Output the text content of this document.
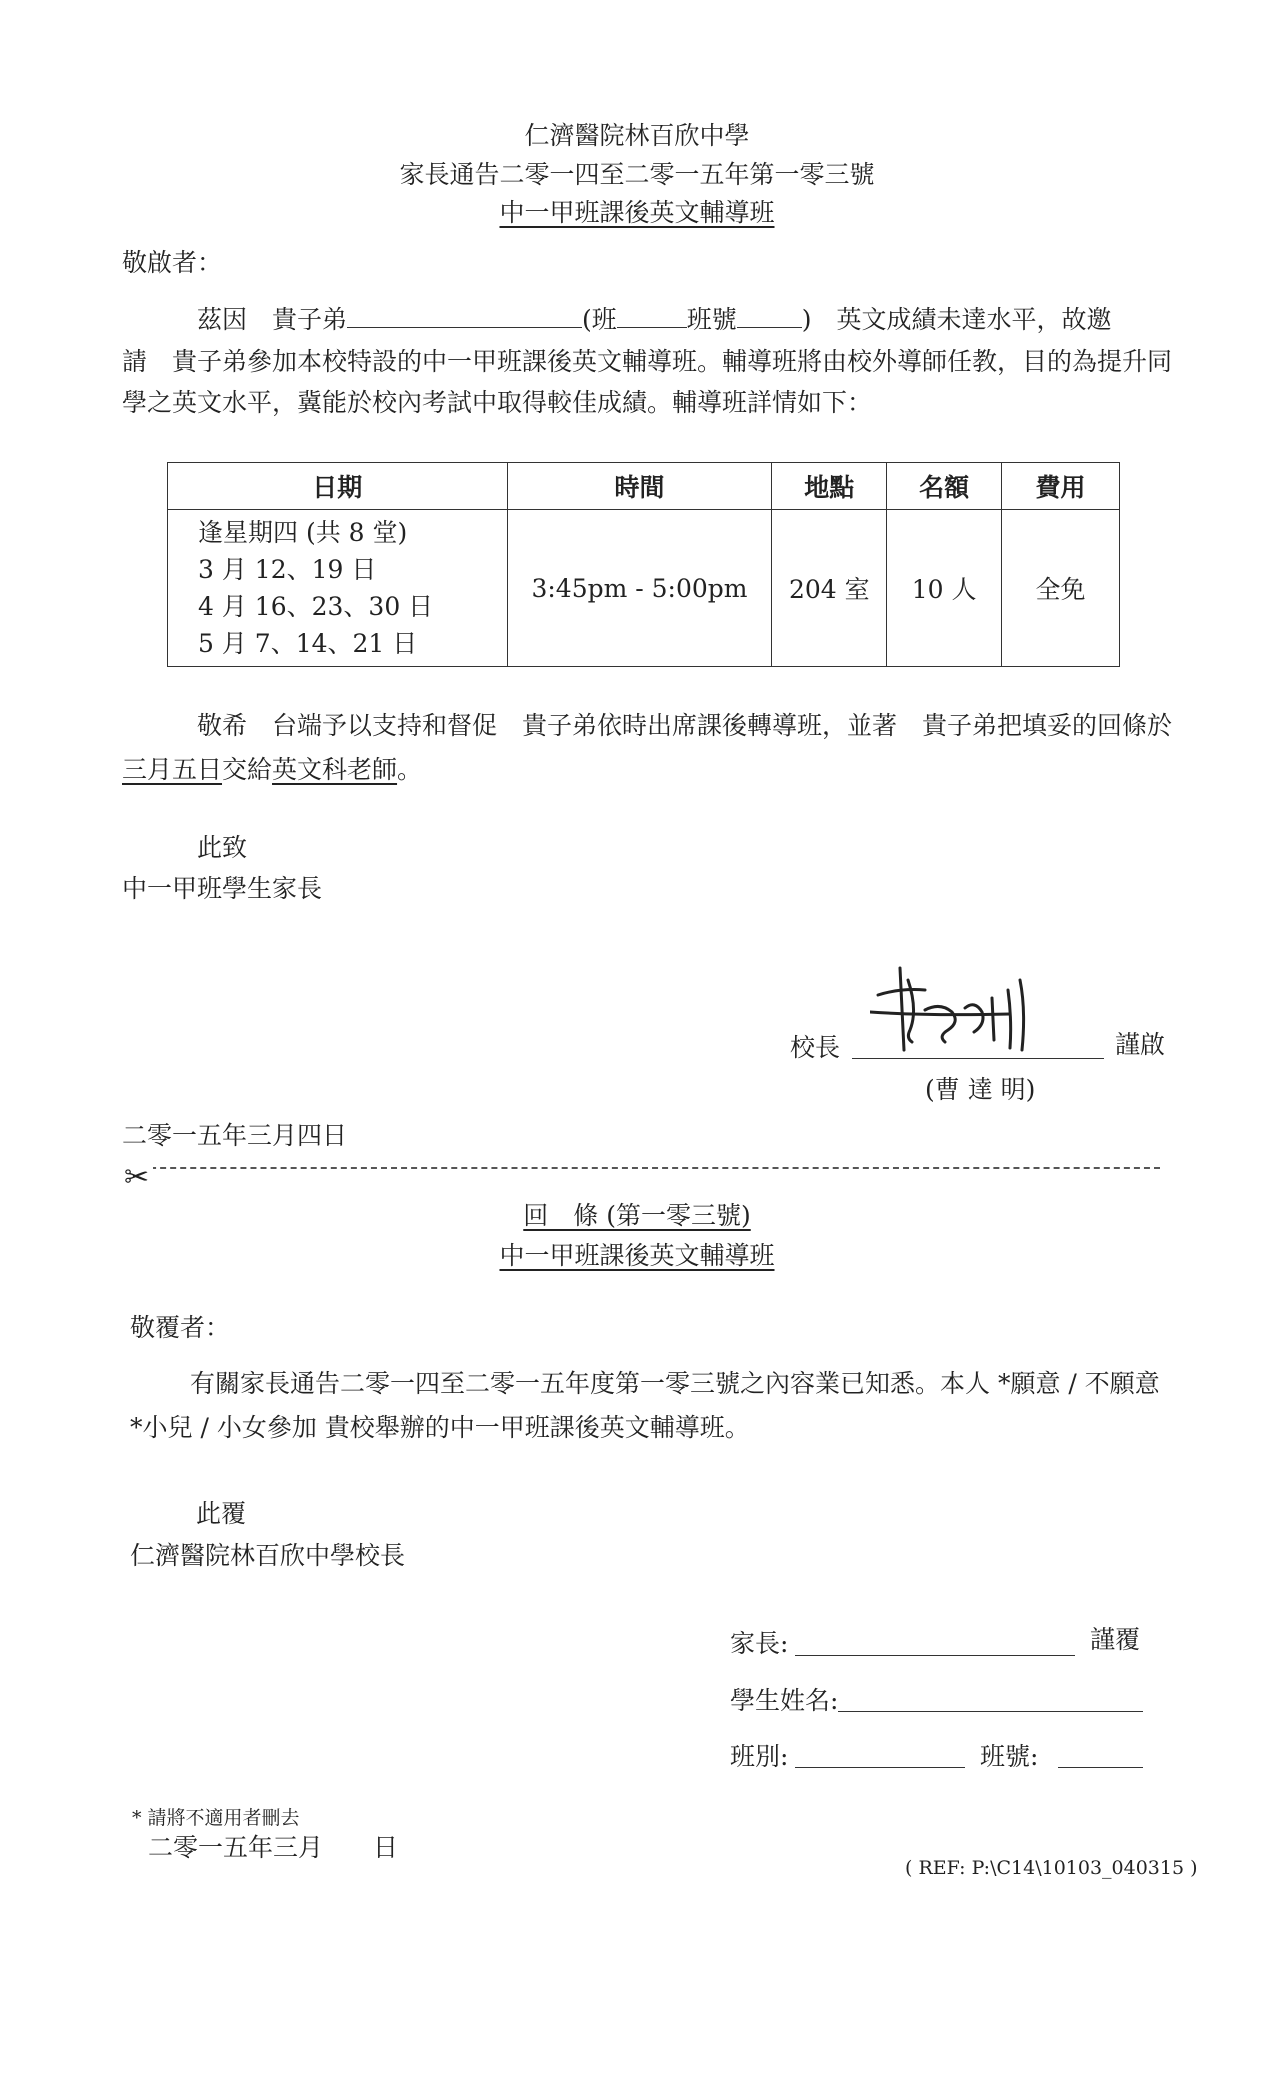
仁濟醫院林百欣中學
家長通告二零一四至二零一五年第一零三號
中一甲班課後英文輔導班
敬啟者：
茲因　貴子弟	(班	班號	)　英文成績未達水平，故邀
請　貴子弟參加本校特設的中一甲班課後英文輔導班。輔導班將由校外導師任教，目的為提升同
學之英文水平，冀能於校內考試中取得較佳成績。輔導班詳情如下：
日期	時間	地點	名額	費用

逢星期四 (共 8 堂)
3 月 12、19 日
4 月 16、23、30 日
5 月 7、14、21 日	3:45pm - 5:00pm	204 室	10 人	全免
敬希　台端予以支持和督促　貴子弟依時出席課後轉導班，並著　貴子弟把填妥的回條於
三月五日交給英文科老師。
此致
中一甲班學生家長
校長	謹啟
(曹 達 明)
二零一五年三月四日
✂
回　條 (第一零三號)
中一甲班課後英文輔導班
敬覆者：
有關家長通告二零一四至二零一五年度第一零三號之內容業已知悉。本人 *願意 / 不願意
*小兒 / 小女參加 貴校舉辦的中一甲班課後英文輔導班。
此覆
仁濟醫院林百欣中學校長
家長:	謹覆
學生姓名:
班別:	班號:
* 請將不適用者刪去
二零一五年三月　　日
( REF: P:\C14\10103_040315 )
